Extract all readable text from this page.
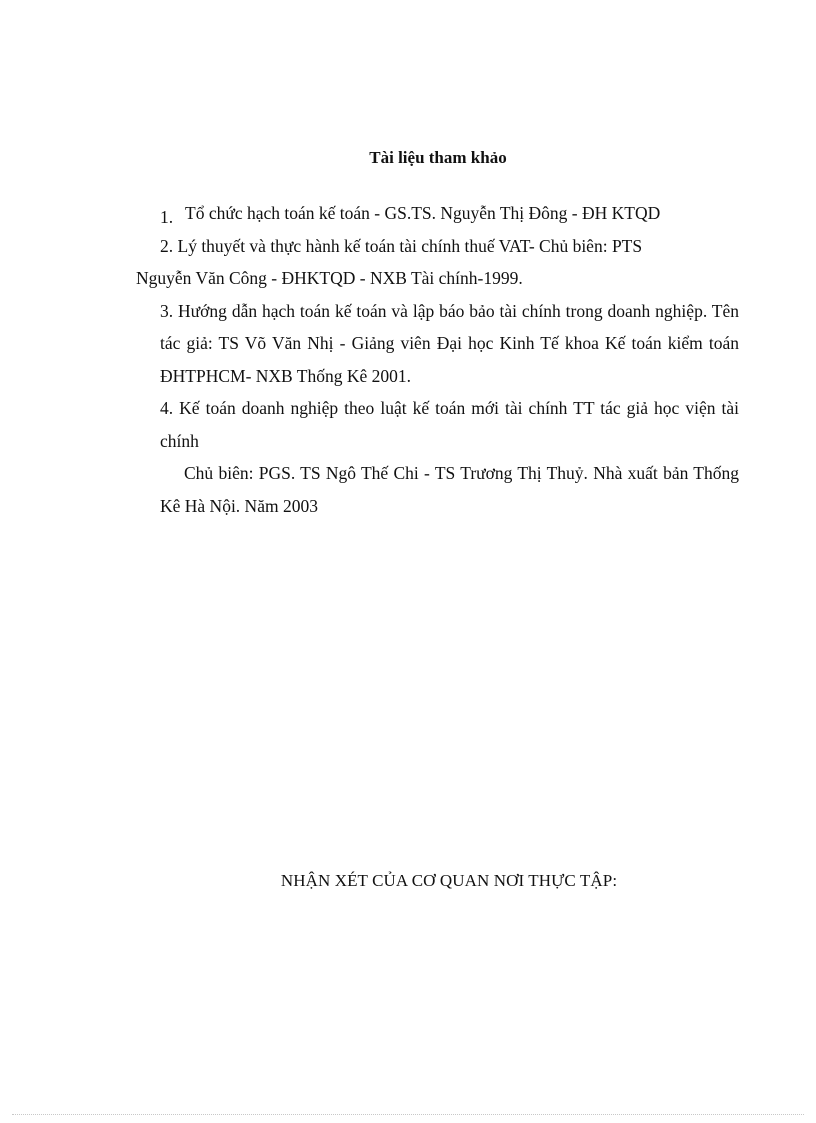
Tài liệu tham khảo

1. Tổ chức hạch toán kế toán - GS.TS. Nguyễn Thị Đông - ĐH KTQD

2. Lý thuyết và thực hành kế toán tài chính thuế VAT- Chủ biên: PTS
Nguyễn Văn Công - ĐHKTQD - NXB Tài chính-1999.

3. Hướng dẫn hạch toán kế toán và lập báo bảo tài chính trong doanh nghiệp. Tên tác giả: TS Võ Văn Nhị - Giảng viên Đại học Kinh Tế khoa Kế toán kiểm toán ĐHTPHCM- NXB Thống Kê 2001.

4. Kế toán doanh nghiệp theo luật kế toán mới tài chính TT tác giả học viện tài chính

Chủ biên: PGS. TS Ngô Thế Chi - TS Trương Thị Thuỷ. Nhà xuất bản Thống Kê Hà Nội. Năm 2003

NHẬN XÉT CỦA CƠ QUAN NƠI THỰC TẬP:
